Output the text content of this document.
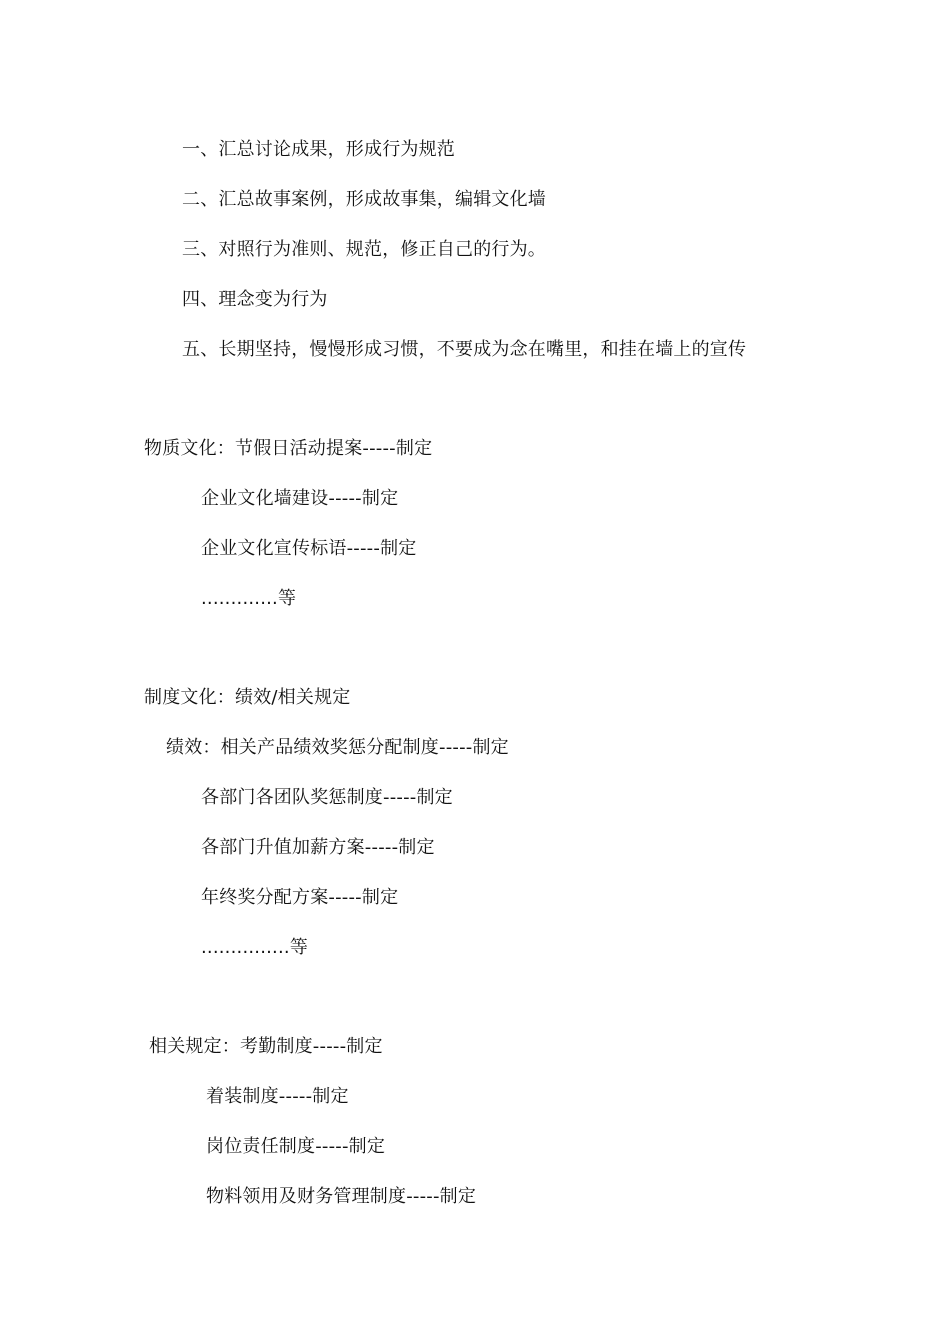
一、汇总讨论成果，形成行为规范
二、汇总故事案例，形成故事集，编辑文化墙
三、对照行为准则、规范，修正自己的行为。
四、理念变为行为
五、长期坚持，慢慢形成习惯，不要成为念在嘴里，和挂在墙上的宣传
物质文化：节假日活动提案-----制定
企业文化墙建设-----制定
企业文化宣传标语-----制定
.............等
制度文化：绩效/相关规定
绩效：相关产品绩效奖惩分配制度-----制定
各部门各团队奖惩制度-----制定
各部门升值加薪方案-----制定
年终奖分配方案-----制定
...............等
相关规定：考勤制度-----制定
着装制度-----制定
岗位责任制度-----制定
物料领用及财务管理制度-----制定
